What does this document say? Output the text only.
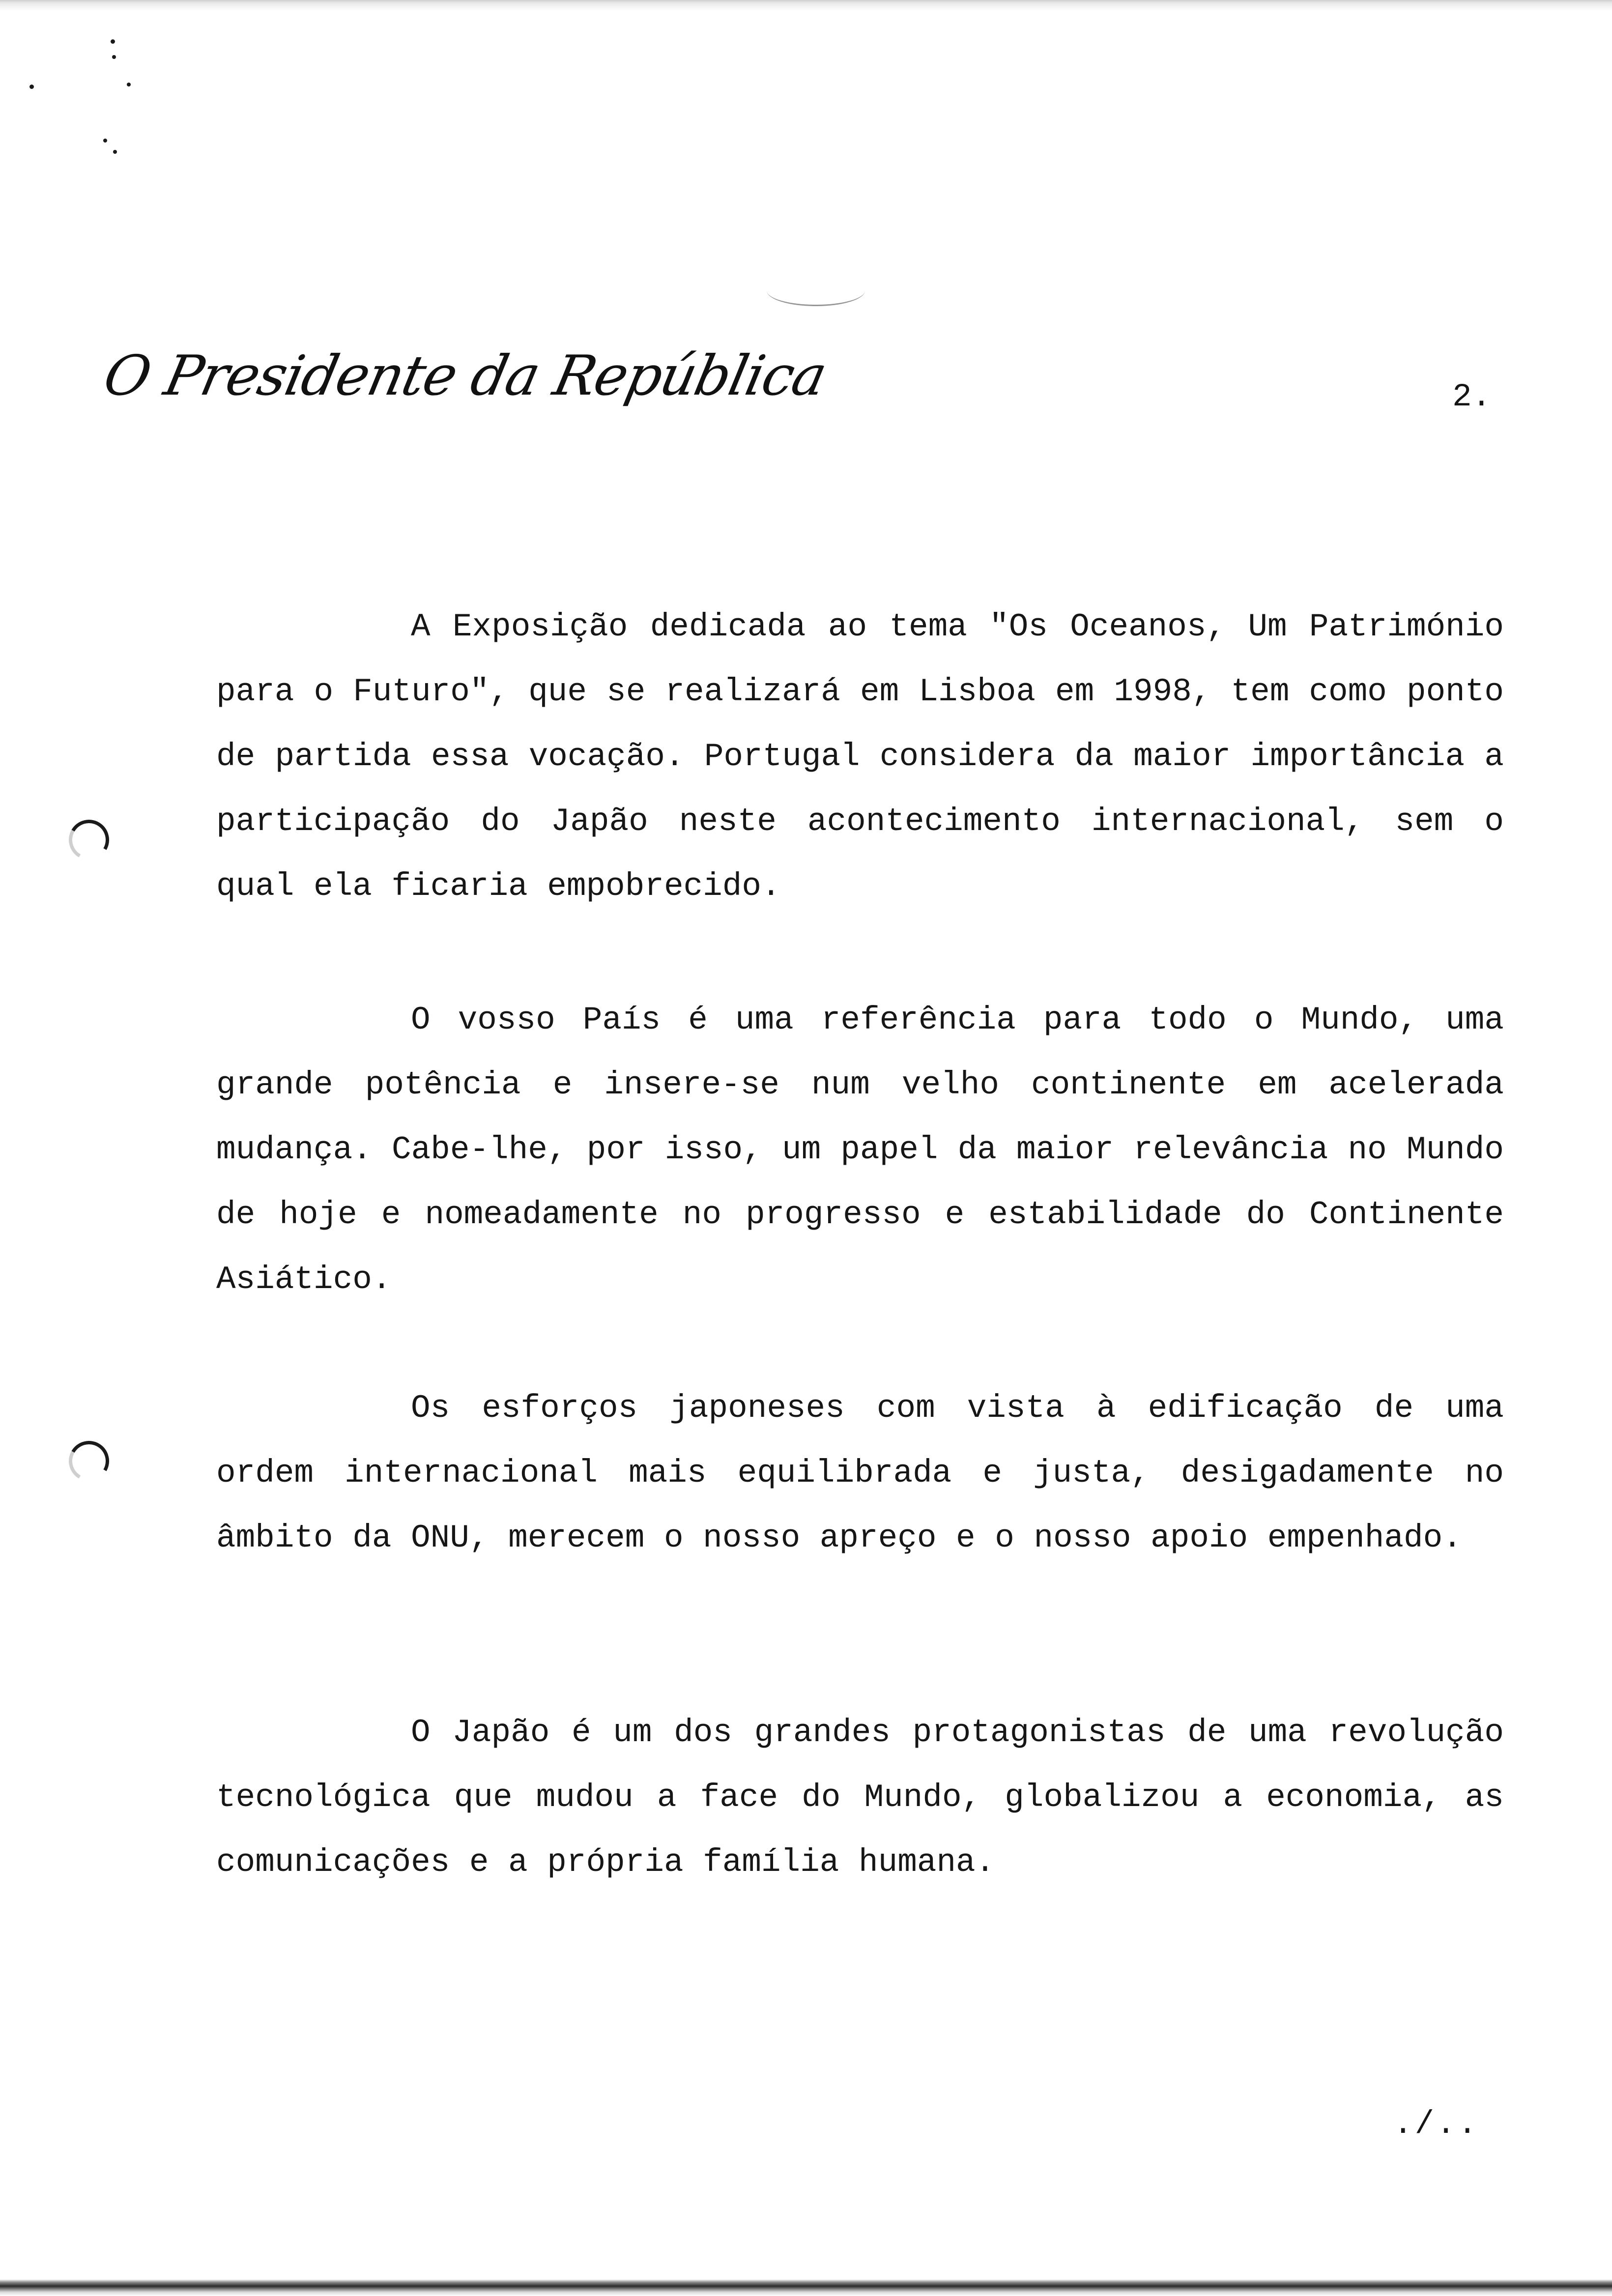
O Presidente da República	2.
A Exposição dedicada ao tema "Os Oceanos, Um Património para o Futuro", que se realizará em Lisboa em 1998, tem como ponto de partida essa vocação. Portugal considera da maior importância a participação do Japão neste acontecimento internacional, sem o qual ela ficaria empobrecido.
O vosso País é uma referência para todo o Mundo, uma grande potência e insere-se num velho continente em acelerada mudança. Cabe-lhe, por isso, um papel da maior relevância no Mundo de hoje e nomeadamente no progresso e estabilidade do Continente Asiático.
Os esforços japoneses com vista à edificação de uma ordem internacional mais equilibrada e justa, desigadamente no âmbito da ONU, merecem o nosso apreço e o nosso apoio empenhado.
O Japão é um dos grandes protagonistas de uma revolução tecnológica que mudou a face do Mundo, globalizou a economia, as comunicações e a própria família humana.
./..
